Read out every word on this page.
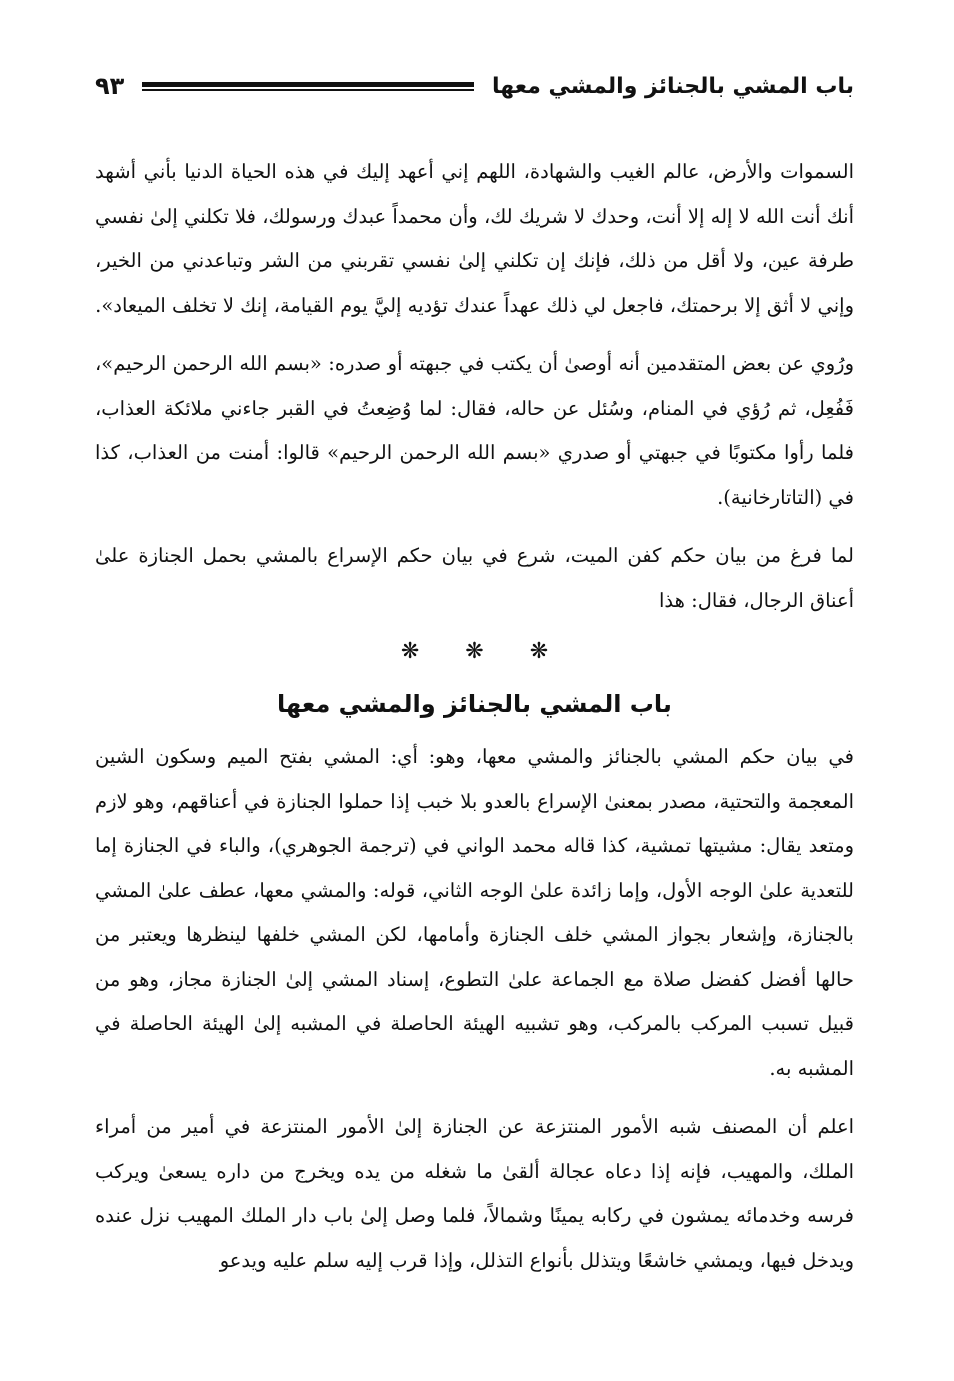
باب المشي بالجنائز والمشي معها
٩٣

السموات والأرض، عالم الغيب والشهادة، اللهم إني أعهد إليك في هذه الحياة الدنيا بأني أشهد أنك أنت الله لا إله إلا أنت، وحدك لا شريك لك، وأن محمداً عبدك ورسولك، فلا تكلني إلىٰ نفسي طرفة عين، ولا أقل من ذلك، فإنك إن تكلني إلىٰ نفسي تقربني من الشر وتباعدني من الخير، وإني لا أثق إلا برحمتك، فاجعل لي ذلك عهداً عندك تؤديه إليَّ يوم القيامة، إنك لا تخلف الميعاد».

ورُوي عن بعض المتقدمين أنه أوصىٰ أن يكتب في جبهته أو صدره: «بسم الله الرحمن الرحيم»، فَفُعِل، ثم رُؤي في المنام، وسُئل عن حاله، فقال: لما وُضِعتُ في القبر جاءني ملائكة العذاب، فلما رأوا مكتوبًا في جبهتي أو صدري «بسم الله الرحمن الرحيم» قالوا: أمنت من العذاب، كذا في (التاتارخانية).

لما فرغ من بيان حكم كفن الميت، شرع في بيان حكم الإسراع بالمشي بحمل الجنازة علىٰ أعناق الرجال، فقال: هذا

❋
❋
❋
باب المشي بالجنائز والمشي معها

في بيان حكم المشي بالجنائز والمشي معها، وهو: أي: المشي بفتح الميم وسكون الشين المعجمة والتحتية، مصدر بمعنىٰ الإسراع بالعدو بلا خبب إذا حملوا الجنازة في أعناقهم، وهو لازم ومتعد يقال: مشيتها تمشية، كذا قاله محمد الواني في (ترجمة الجوهري)، والباء في الجنازة إما للتعدية علىٰ الوجه الأول، وإما زائدة علىٰ الوجه الثاني، قوله: والمشي معها، عطف علىٰ المشي بالجنازة، وإشعار بجواز المشي خلف الجنازة وأمامها، لكن المشي خلفها لينظرها ويعتبر من حالها أفضل كفضل صلاة مع الجماعة علىٰ التطوع، إسناد المشي إلىٰ الجنازة مجاز، وهو من قبيل تسبب المركب بالمركب، وهو تشبيه الهيئة الحاصلة في المشبه إلىٰ الهيئة الحاصلة في المشبه به.

اعلم أن المصنف شبه الأمور المنتزعة عن الجنازة إلىٰ الأمور المنتزعة في أمير من أمراء الملك، والمهيب، فإنه إذا دعاه عجالة ألقىٰ ما شغله من يده ويخرج من داره يسعىٰ ويركب فرسه وخدمائه يمشون في ركابه يمينًا وشمالاً، فلما وصل إلىٰ باب دار الملك المهيب نزل عنده ويدخل فيها، ويمشي خاشعًا ويتذلل بأنواع التذلل، وإذا قرب إليه سلم عليه ويدعو
